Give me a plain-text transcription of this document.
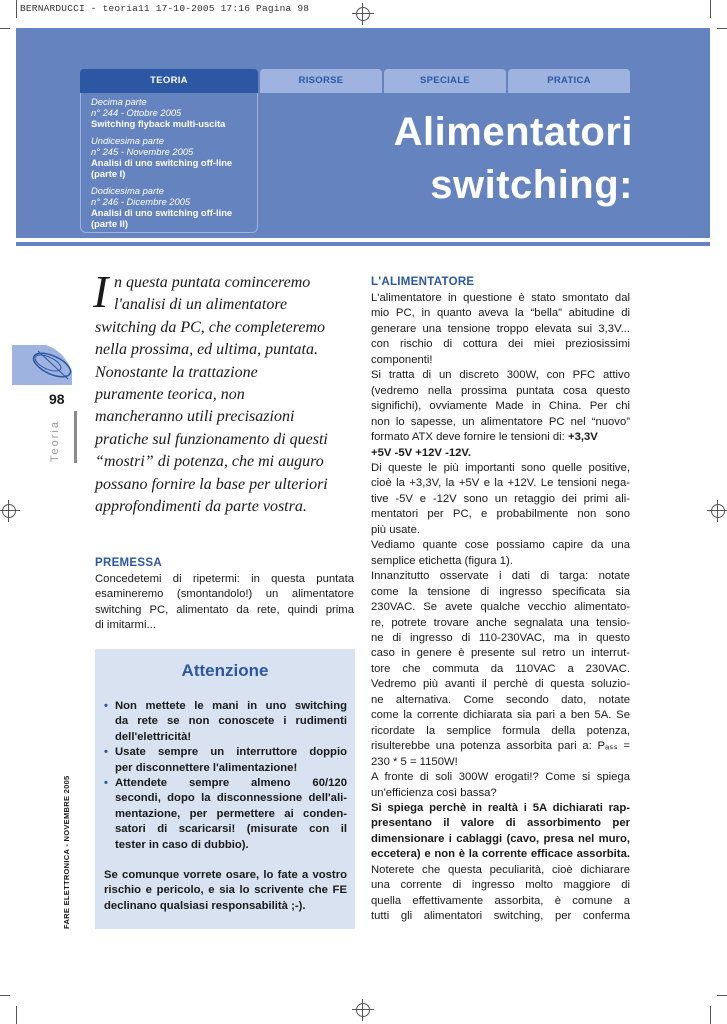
BERNARDUCCI - teoria11 17-10-2005 17:16 Pagina 98
TEORIA	RISORSE	SPECIALE	PRATICA
Decima parte
n° 244 - Ottobre 2005
Switching flyback multi-uscita
Undicesima parte
n° 245 - Novembre 2005
Analisi di uno switching off-line
(parte I)
Dodicesima parte
n° 246 - Dicembre 2005
Analisi di uno switching off-line
(parte II)
Alimentatori
switching:
98
Teoria
FARE ELETTRONICA - NOVEMBRE 2005
I n questa puntata cominceremo
l'analisi di un alimentatore
switching da PC, che completeremo
nella prossima, ed ultima, puntata.
Nonostante la trattazione
puramente teorica, non
mancheranno utili precisazioni
pratiche sul funzionamento di questi
“mostri” di potenza, che mi auguro
possano fornire la base per ulteriori
approfondimenti da parte vostra.
PREMESSA
Concedetemi di ripetermi: in questa puntata
esamineremo (smontandolo!) un alimentatore
switching PC, alimentato da rete, quindi prima
di imitarmi...
Attenzione
• Non mettete le mani in uno switching
da rete se non conoscete i rudimenti
dell'elettricità!
• Usate sempre un interruttore doppio
per disconnettere l'alimentazione!
• Attendete sempre almeno 60/120
secondi, dopo la disconnessione dell'ali-
mentazione, per permettere ai conden-
satori di scaricarsi! (misurate con il
tester in caso di dubbio).
Se comunque vorrete osare, lo fate a vostro
rischio e pericolo, e sia lo scrivente che FE
declinano qualsiasi responsabilità ;-).
L'ALIMENTATORE
L'alimentatore in questione è stato smontato dal
mio PC, in quanto aveva la “bella” abitudine di
generare una tensione troppo elevata sui 3,3V...
con rischio di cottura dei miei preziosissimi
componenti!
Si tratta di un discreto 300W, con PFC attivo
(vedremo nella prossima puntata cosa questo
significhi), ovviamente Made in China. Per chi
non lo sapesse, un alimentatore PC nel “nuovo”
formato ATX deve fornire le tensioni di: +3,3V
+5V -5V +12V -12V.
Di queste le più importanti sono quelle positive,
cioè la +3,3V, la +5V e la +12V. Le tensioni nega-
tive -5V e -12V sono un retaggio dei primi ali-
mentatori per PC, e probabilmente non sono
più usate.
Vediamo quante cose possiamo capire da una
semplice etichetta (figura 1).
Innanzitutto osservate i dati di targa: notate
come la tensione di ingresso specificata sia
230VAC. Se avete qualche vecchio alimentato-
re, potrete trovare anche segnalata una tensio-
ne di ingresso di 110-230VAC, ma in questo
caso in genere è presente sul retro un interrut-
tore che commuta da 110VAC a 230VAC.
Vedremo più avanti il perchè di questa soluzio-
ne alternativa. Come secondo dato, notate
come la corrente dichiarata sia pari a ben 5A. Se
ricordate la semplice formula della potenza,
risulterebbe una potenza assorbita pari a: Pₐₛₛ =
230 * 5 = 1150W!
A fronte di soli 300W erogati!? Come si spiega
un'efficienza così bassa?
Si spiega perchè in realtà i 5A dichiarati rap-
presentano il valore di assorbimento per
dimensionare i cablaggi (cavo, presa nel muro,
eccetera) e non è la corrente efficace assorbita.
Noterete che questa peculiarità, cioè dichiarare
una corrente di ingresso molto maggiore di
quella effettivamente assorbita, è comune a
tutti gli alimentatori switching, per conferma
